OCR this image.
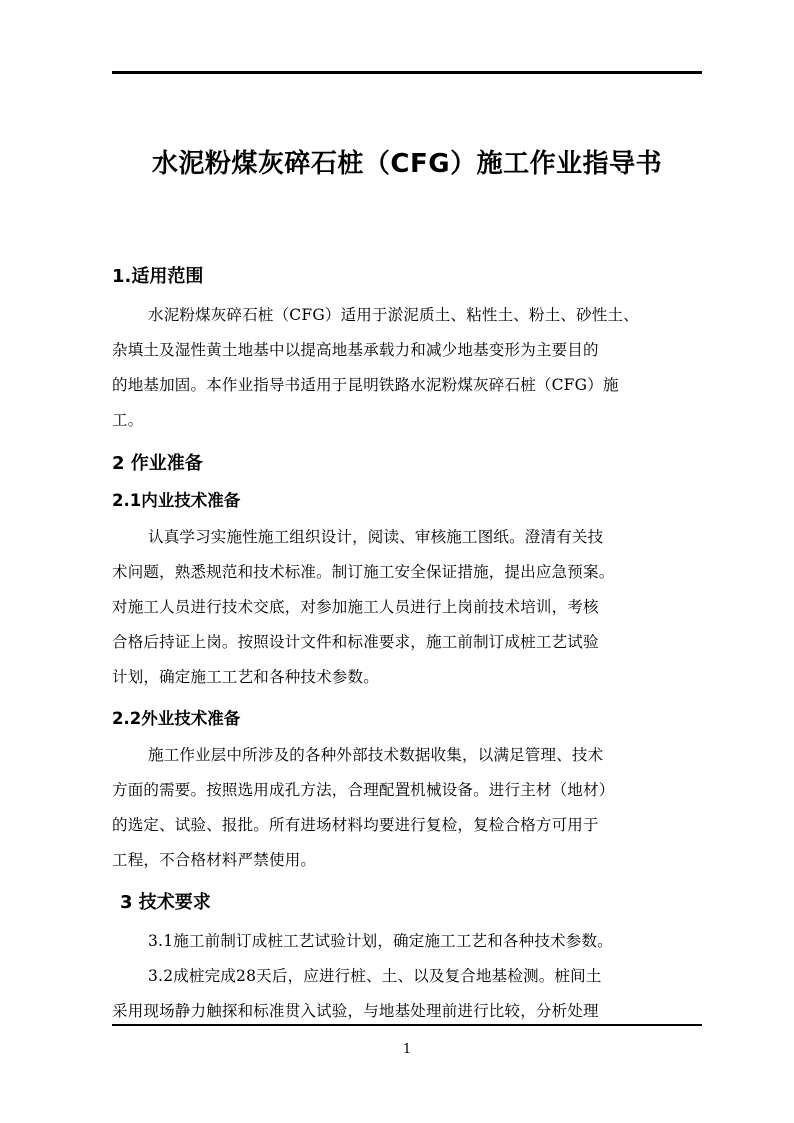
水泥粉煤灰碎石桩（CFG）施工作业指导书
1.适用范围
水泥粉煤灰碎石桩（CFG）适用于淤泥质土、粘性土、粉土、砂性土、
杂填土及湿性黄土地基中以提高地基承载力和减少地基变形为主要目的
的地基加固。本作业指导书适用于昆明铁路水泥粉煤灰碎石桩（CFG）施
工。
2 作业准备
2.1内业技术准备
认真学习实施性施工组织设计，阅读、审核施工图纸。澄清有关技
术问题，熟悉规范和技术标准。制订施工安全保证措施，提出应急预案。
对施工人员进行技术交底，对参加施工人员进行上岗前技术培训，考核
合格后持证上岗。按照设计文件和标准要求，施工前制订成桩工艺试验
计划，确定施工工艺和各种技术参数。
2.2外业技术准备
施工作业层中所涉及的各种外部技术数据收集，以满足管理、技术
方面的需要。按照选用成孔方法，合理配置机械设备。进行主材（地材）
的选定、试验、报批。所有进场材料均要进行复检，复检合格方可用于
工程，不合格材料严禁使用。
3 技术要求
3.1施工前制订成桩工艺试验计划，确定施工工艺和各种技术参数。
3.2成桩完成28天后，应进行桩、土、以及复合地基检测。桩间土
采用现场静力触探和标准贯入试验，与地基处理前进行比较，分析处理
1
